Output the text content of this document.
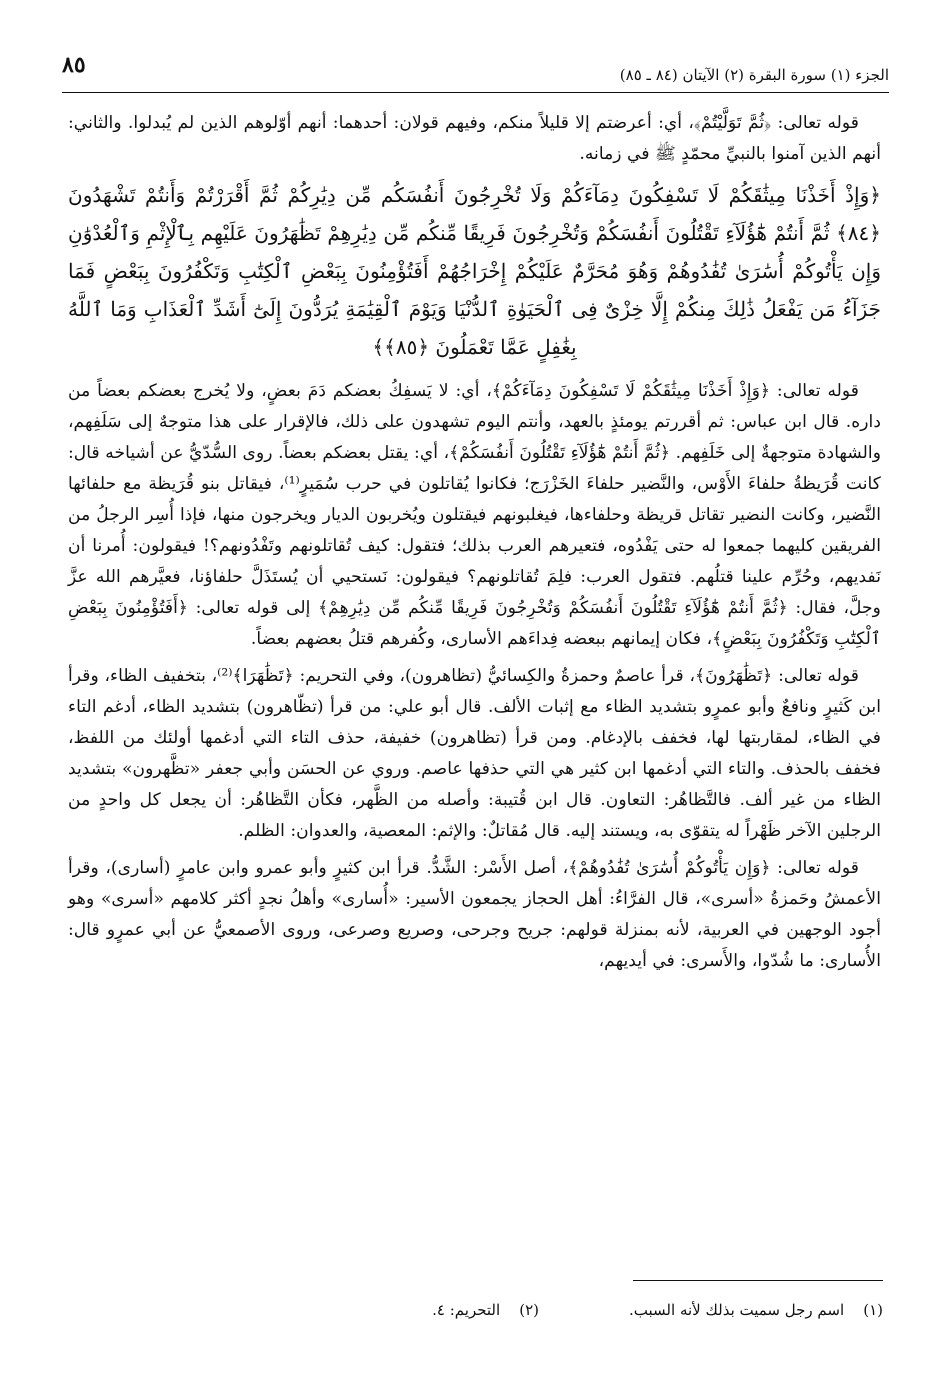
الجزء (١) سورة البقرة (٢) الآيتان (٨٤ ـ ٨٥)
٨٥

قوله تعالى: ﴿ثُمَّ تَوَلَّيْتُمْ﴾، أي: أعرضتم إلا قليلاً منكم، وفيهم قولان: أحدهما: أنهم أوّلوهم الذين لم يُبدلوا. والثاني: أنهم الذين آمنوا بالنبيِّ محمّدٍ ﷺ في زمانه.

﴿وَإِذْ أَخَذْنَا مِيثَٰقَكُمْ لَا تَسْفِكُونَ دِمَآءَكُمْ وَلَا تُخْرِجُونَ أَنفُسَكُم مِّن دِيَٰرِكُمْ ثُمَّ أَقْرَرْتُمْ وَأَنتُمْ تَشْهَدُونَ ﴿٨٤﴾ ثُمَّ أَنتُمْ هَٰٓؤُلَآءِ تَقْتُلُونَ أَنفُسَكُمْ وَتُخْرِجُونَ فَرِيقًا مِّنكُم مِّن دِيَٰرِهِمْ تَظَٰهَرُونَ عَلَيْهِم بِٱلْإِثْمِ وَٱلْعُدْوَٰنِ وَإِن يَأْتُوكُمْ أُسَٰرَىٰ تُفَٰدُوهُمْ وَهُوَ مُحَرَّمٌ عَلَيْكُمْ إِخْرَاجُهُمْ أَفَتُؤْمِنُونَ بِبَعْضِ ٱلْكِتَٰبِ وَتَكْفُرُونَ بِبَعْضٍ فَمَا جَزَآءُ مَن يَفْعَلُ ذَٰلِكَ مِنكُمْ إِلَّا خِزْىٌ فِى ٱلْحَيَوٰةِ ٱلدُّنْيَا وَيَوْمَ ٱلْقِيَٰمَةِ يُرَدُّونَ إِلَىٰٓ أَشَدِّ ٱلْعَذَابِ وَمَا ٱللَّهُ بِغَٰفِلٍ عَمَّا تَعْمَلُونَ ﴿٨٥﴾﴾

قوله تعالى: ﴿وَإِذْ أَخَذْنَا مِيثَٰقَكُمْ لَا تَسْفِكُونَ دِمَآءَكُمْ﴾، أي: لا يَسفِكُ بعضكم دَمَ بعضٍ، ولا يُخرج بعضكم بعضاً من داره. قال ابن عباس: ثم أقررتم يومئذٍ بالعهد، وأنتم اليوم تشهدون على ذلك، فالإقرار على هذا متوجهٌ إلى سَلَفِهم، والشهادة متوجهةٌ إلى خَلَفِهم. ﴿ثُمَّ أَنتُمْ هَٰٓؤُلَآءِ تَقْتُلُونَ أَنفُسَكُمْ﴾، أي: يقتل بعضكم بعضاً. روى السُّدّيُّ عن أشياخه قال: كانت قُرَيظةُ حلفاءَ الأَوْس، والنَّضير حلفاءَ الخَزْرَج؛ فكانوا يُقاتلون في حرب سُمَيرٍ⁽¹⁾، فيقاتل بنو قُرَيظة مع حلفائها النَّضير، وكانت النضير تقاتل قريظة وحلفاءها، فيغلبونهم فيقتلون ويُخربون الديار ويخرجون منها، فإذا أُسِر الرجلُ من الفريقين كليهما جمعوا له حتى يَفْدُوه، فتعيرهم العرب بذلك؛ فتقول: كيف تُقاتلونهم وتَفْدُونهم؟! فيقولون: أُمرنا أن نَفديهم، وحُرِّم علينا قتلُهم. فتقول العرب: فلِمَ تُقاتلونهم؟ فيقولون: نَستحيي أن يُستَذَلَّ حلفاؤنا، فعيَّرهم الله عزَّ وجلَّ، فقال: ﴿ثُمَّ أَنتُمْ هَٰٓؤُلَآءِ تَقْتُلُونَ أَنفُسَكُمْ وَتُخْرِجُونَ فَرِيقًا مِّنكُم مِّن دِيَٰرِهِمْ﴾ إلى قوله تعالى: ﴿أَفَتُؤْمِنُونَ بِبَعْضِ ٱلْكِتَٰبِ وَتَكْفُرُونَ بِبَعْضٍ﴾، فكان إيمانهم ببعضه فِداءَهم الأسارى، وكُفرهم قتلُ بعضهم بعضاً.

قوله تعالى: ﴿تَظَٰهَرُونَ﴾، قرأ عاصمٌ وحمزةُ والكِسائيُّ (تظاهرون)، وفي التحريم: ﴿تَظَٰهَرَا﴾⁽²⁾، بتخفيف الظاء، وقرأ ابن كَثيرٍ ونافعٌ وأبو عمرٍو بتشديد الظاء مع إثبات الألف. قال أبو علي: من قرأ (تظّاهرون) بتشديد الظاء، أدغم التاء في الظاء، لمقاربتها لها، فخفف بالإدغام. ومن قرأ (تظاهرون) خفيفة، حذف التاء التي أدغمها أولئك من اللفظ، فخفف بالحذف. والتاء التي أدغمها ابن كثير هي التي حذفها عاصم. وروي عن الحسَن وأبي جعفر «تظَّهرون» بتشديد الظاء من غير ألف. فالتَّظاهُر: التعاون. قال ابن قُتيبة: وأصله من الظَّهر، فكأن التَّظاهُر: أن يجعل كل واحدٍ من الرجلين الآخر ظَهْراً له يتقوّى به، ويستند إليه. قال مُقاتلٌ: والإثم: المعصية، والعدوان: الظلم.

قوله تعالى: ﴿وَإِن يَأْتُوكُمْ أُسَٰرَىٰ تُفَٰدُوهُمْ﴾، أصل الأَسْر: الشَّدُّ. قرأ ابن كثيرٍ وأبو عمرو وابن عامرٍ (أسارى)، وقرأ الأعمشُ وحَمزةُ «أسرى»، قال الفرَّاءُ: أهل الحجاز يجمعون الأسير: «أُسارى» وأهلُ نجدٍ أكثر كلامهم «أسرى» وهو أجود الوجهين في العربية، لأنه بمنزلة قولهم: جريح وجرحى، وصريع وصرعى، وروى الأصمعيُّ عن أبي عمرٍو قال: الأُسارى: ما شُدّوا، والأَسرى: في أيديهم،

(١)    اسم رجل سميت بذلك لأنه السبب.
(٢)    التحريم: ٤.
